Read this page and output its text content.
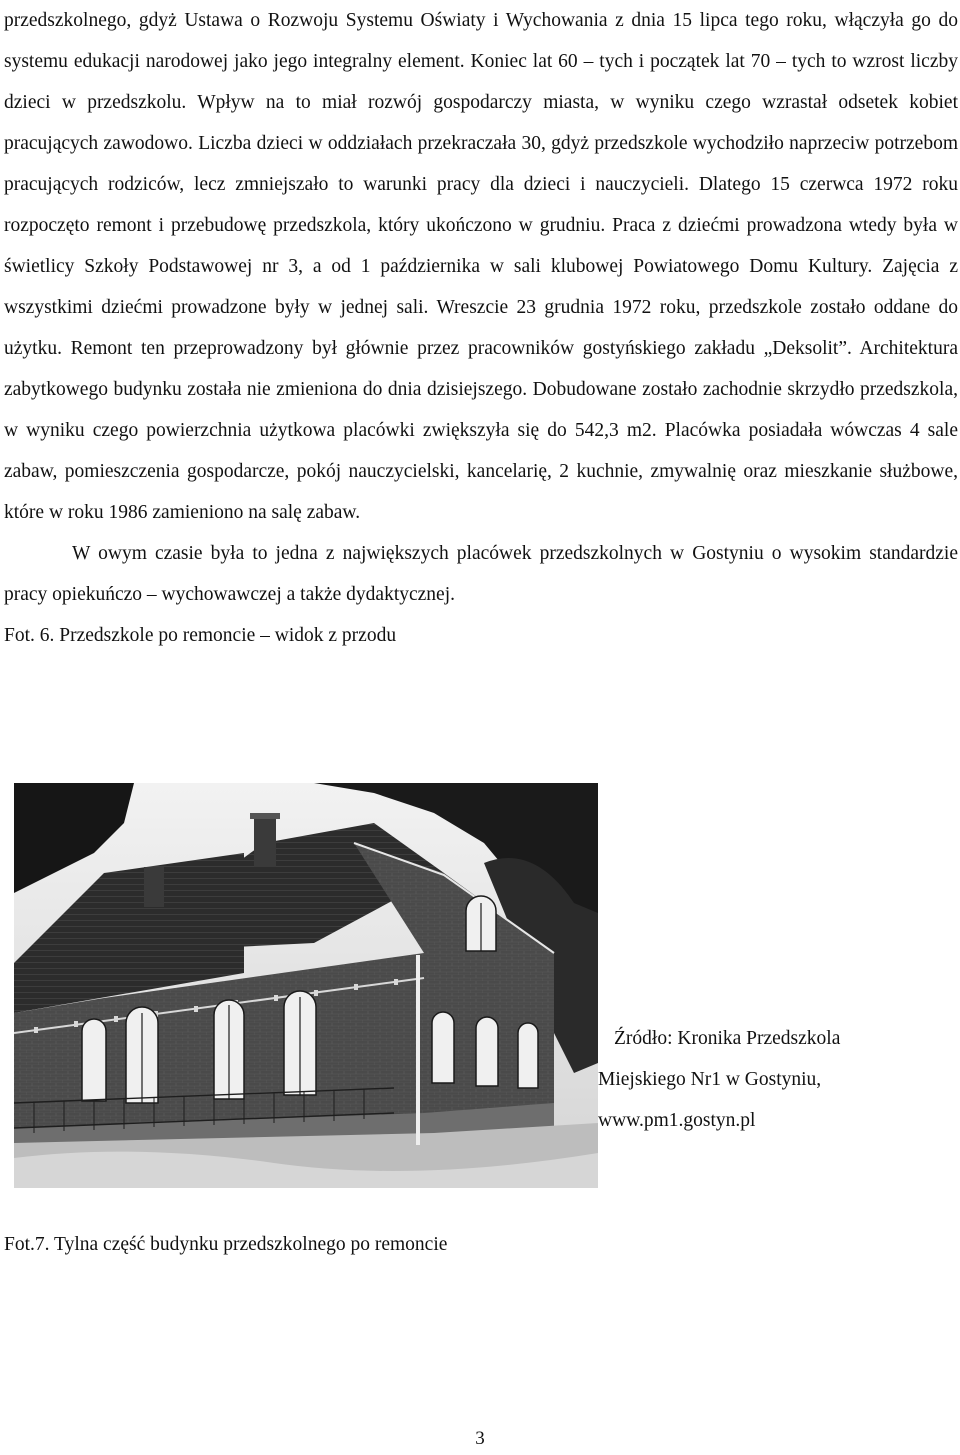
przedszkolnego, gdyż Ustawa o Rozwoju Systemu Oświaty i Wychowania z dnia 15 lipca tego roku, włączyła go do systemu edukacji narodowej jako jego integralny element. Koniec lat 60 – tych i początek lat 70 – tych to wzrost liczby dzieci w przedszkolu. Wpływ na to miał rozwój gospodarczy miasta, w wyniku czego wzrastał odsetek kobiet pracujących zawodowo. Liczba dzieci w oddziałach przekraczała 30, gdyż przedszkole wychodziło naprzeciw potrzebom pracujących rodziców, lecz zmniejszało to warunki pracy dla dzieci i nauczycieli. Dlatego 15 czerwca 1972 roku rozpoczęto remont i przebudowę przedszkola, który ukończono w grudniu. Praca z dziećmi prowadzona wtedy była w świetlicy Szkoły Podstawowej nr 3, a od 1 października w sali klubowej Powiatowego Domu Kultury. Zajęcia z wszystkimi dziećmi prowadzone były w jednej sali. Wreszcie 23 grudnia 1972 roku, przedszkole zostało oddane do użytku. Remont ten przeprowadzony był głównie przez pracowników gostyńskiego zakładu „Deksolit”. Architektura zabytkowego budynku została nie zmieniona do dnia dzisiejszego. Dobudowane zostało zachodnie skrzydło przedszkola, w wyniku czego powierzchnia użytkowa placówki zwiększyła się do 542,3 m2. Placówka posiadała wówczas 4 sale zabaw, pomieszczenia gospodarcze, pokój nauczycielski, kancelarię, 2 kuchnie, zmywalnię oraz mieszkanie służbowe, które w roku 1986 zamieniono na salę zabaw.

W owym czasie była to jedna z największych placówek przedszkolnych w Gostyniu o wysokim standardzie pracy opiekuńczo – wychowawczej a także dydaktycznej.

Fot. 6. Przedszkole po remoncie – widok z przodu

Źródło: Kronika Przedszkola
Miejskiego Nr1 w Gostyniu,
www.pm1.gostyn.pl
Fot.7. Tylna część budynku przedszkolnego po remoncie
3
